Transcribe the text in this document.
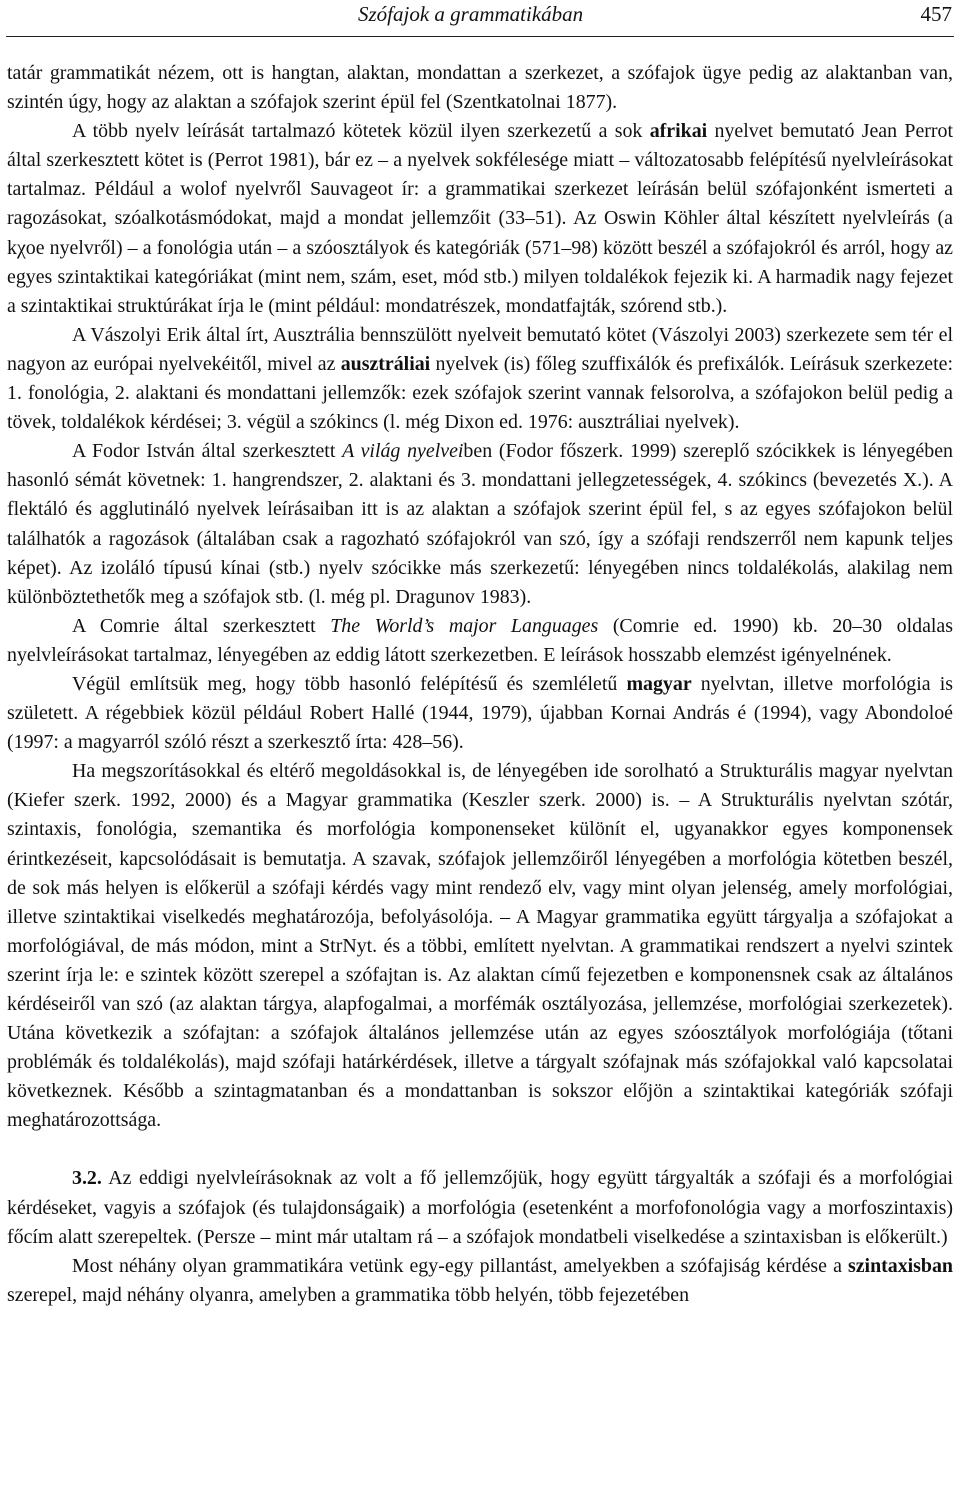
Szófajok a grammatikában	457

tatár grammatikát nézem, ott is hangtan, alaktan, mondattan a szerkezet, a szófajok ügye pedig az alaktanban van, szintén úgy, hogy az alaktan a szófajok szerint épül fel (Szentkatolnai 1877).

A több nyelv leírását tartalmazó kötetek közül ilyen szerkezetű a sok afrikai nyelvet bemutató Jean Perrot által szerkesztett kötet is (Perrot 1981), bár ez – a nyelvek sokfélesége miatt – változatosabb felépítésű nyelvleírásokat tartalmaz. Például a wolof nyelvről Sauvageot ír: a grammatikai szerkezet leírásán belül szófajonként ismerteti a ragozásokat, szóalkotásmódokat, majd a mondat jellemzőit (33–51). Az Oswin Köhler által készített nyelvleírás (a kχoe nyelvről) – a fonológia után – a szóosztályok és kategóriák (571–98) között beszél a szófajokról és arról, hogy az egyes szintaktikai kategóriákat (mint nem, szám, eset, mód stb.) milyen toldalékok fejezik ki. A harmadik nagy fejezet a szintaktikai struktúrákat írja le (mint például: mondatrészek, mondatfajták, szórend stb.).

A Vászolyi Erik által írt, Ausztrália bennszülött nyelveit bemutató kötet (Vászolyi 2003) szerkezete sem tér el nagyon az európai nyelvekéitől, mivel az ausztráliai nyelvek (is) főleg szuffixálók és prefixálók. Leírásuk szerkezete: 1. fonológia, 2. alaktani és mondattani jellemzők: ezek szófajok szerint vannak felsorolva, a szófajokon belül pedig a tövek, toldalékok kérdései; 3. végül a szókincs (l. még Dixon ed. 1976: ausztráliai nyelvek).

A Fodor István által szerkesztett A világ nyelveiben (Fodor főszerk. 1999) szereplő szócikkek is lényegében hasonló sémát követnek: 1. hangrendszer, 2. alaktani és 3. mondattani jellegzetességek, 4. szókincs (bevezetés X.). A flektáló és agglutináló nyelvek leírásaiban itt is az alaktan a szófajok szerint épül fel, s az egyes szófajokon belül találhatók a ragozások (általában csak a ragozható szófajokról van szó, így a szófaji rendszerről nem kapunk teljes képet). Az izoláló típusú kínai (stb.) nyelv szócikke más szerkezetű: lényegében nincs toldalékolás, alakilag nem különböztethetők meg a szófajok stb. (l. még pl. Dragunov 1983).

A Comrie által szerkesztett The World’s major Languages (Comrie ed. 1990) kb. 20–30 oldalas nyelvleírásokat tartalmaz, lényegében az eddig látott szerkezetben. E leírások hosszabb elemzést igényelnének.

Végül említsük meg, hogy több hasonló felépítésű és szemléletű magyar nyelvtan, illetve morfológia is született. A régebbiek közül például Robert Hallé (1944, 1979), újabban Kornai András é (1994), vagy Abondoloé (1997: a magyarról szóló részt a szerkesztő írta: 428–56).

Ha megszorításokkal és eltérő megoldásokkal is, de lényegében ide sorolható a Strukturális magyar nyelvtan (Kiefer szerk. 1992, 2000) és a Magyar grammatika (Keszler szerk. 2000) is. – A Strukturális nyelvtan szótár, szintaxis, fonológia, szemantika és morfológia komponenseket különít el, ugyanakkor egyes komponensek érintkezéseit, kapcsolódásait is bemutatja. A szavak, szófajok jellemzőiről lényegében a morfológia kötetben beszél, de sok más helyen is előkerül a szófaji kérdés vagy mint rendező elv, vagy mint olyan jelenség, amely morfológiai, illetve szintaktikai viselkedés meghatározója, befolyásolója. – A Magyar grammatika együtt tárgyalja a szófajokat a morfológiával, de más módon, mint a StrNyt. és a többi, említett nyelvtan. A grammatikai rendszert a nyelvi szintek szerint írja le: e szintek között szerepel a szófajtan is. Az alaktan című fejezetben e komponensnek csak az általános kérdéseiről van szó (az alaktan tárgya, alapfogalmai, a morfémák osztályozása, jellemzése, morfológiai szerkezetek). Utána következik a szófajtan: a szófajok általános jellemzése után az egyes szóosztályok morfológiája (tőtani problémák és toldalékolás), majd szófaji határkérdések, illetve a tárgyalt szófajnak más szófajokkal való kapcsolatai következnek. Később a szintagmatanban és a mondattanban is sokszor előjön a szintaktikai kategóriák szófaji meghatározottsága.

3.2. Az eddigi nyelvleírásoknak az volt a fő jellemzőjük, hogy együtt tárgyalták a szófaji és a morfológiai kérdéseket, vagyis a szófajok (és tulajdonságaik) a morfológia (esetenként a morfofonológia vagy a morfoszintaxis) főcím alatt szerepeltek. (Persze – mint már utaltam rá – a szófajok mondatbeli viselkedése a szintaxisban is előkerült.)

Most néhány olyan grammatikára vetünk egy-egy pillantást, amelyekben a szófajiság kérdése a szintaxisban szerepel, majd néhány olyanra, amelyben a grammatika több helyén, több fejezetében
